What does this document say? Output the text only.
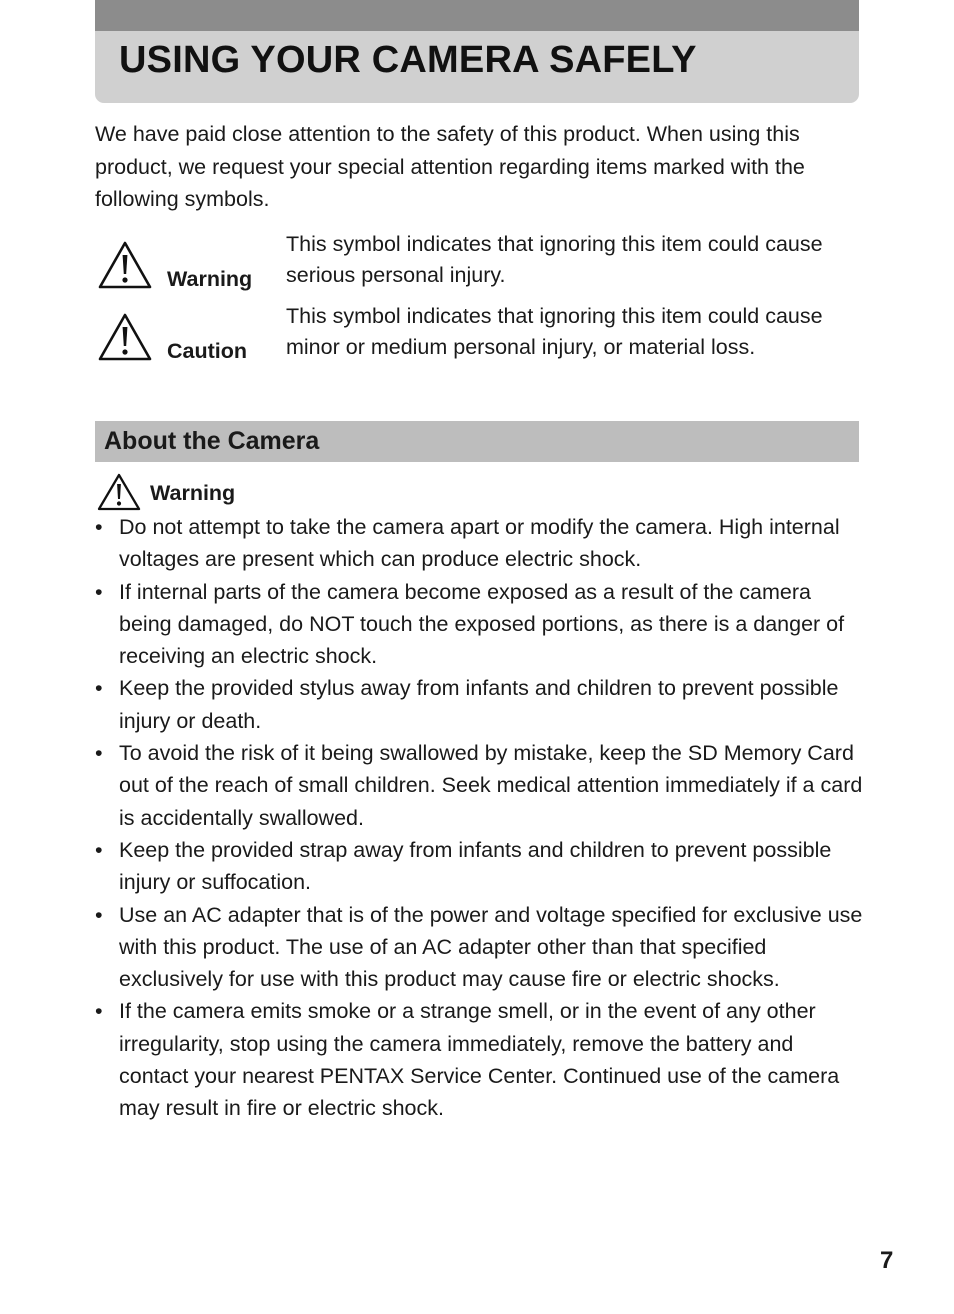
USING YOUR CAMERA SAFELY

We have paid close attention to the safety of this product. When using this product, we request your special attention regarding items marked with the following symbols.

Warning

This symbol indicates that ignoring this item could cause serious personal injury.

Caution

This symbol indicates that ignoring this item could cause minor or medium personal injury, or material loss.

About the Camera
Warning
• Do not attempt to take the camera apart or modify the camera. High internal voltages are present which can produce electric shock.
• If internal parts of the camera become exposed as a result of the camera being damaged, do NOT touch the exposed portions, as there is a danger of receiving an electric shock.
• Keep the provided stylus away from infants and children to prevent possible injury or death.
• To avoid the risk of it being swallowed by mistake, keep the SD Memory Card out of the reach of small children. Seek medical attention immediately if a card is accidentally swallowed.
• Keep the provided strap away from infants and children to prevent possible injury or suffocation.
• Use an AC adapter that is of the power and voltage specified for exclusive use with this product. The use of an AC adapter other than that specified exclusively for use with this product may cause fire or electric shocks.
• If the camera emits smoke or a strange smell, or in the event of any other irregularity, stop using the camera immediately, remove the battery and contact your nearest PENTAX Service Center. Continued use of the camera may result in fire or electric shock.
7
